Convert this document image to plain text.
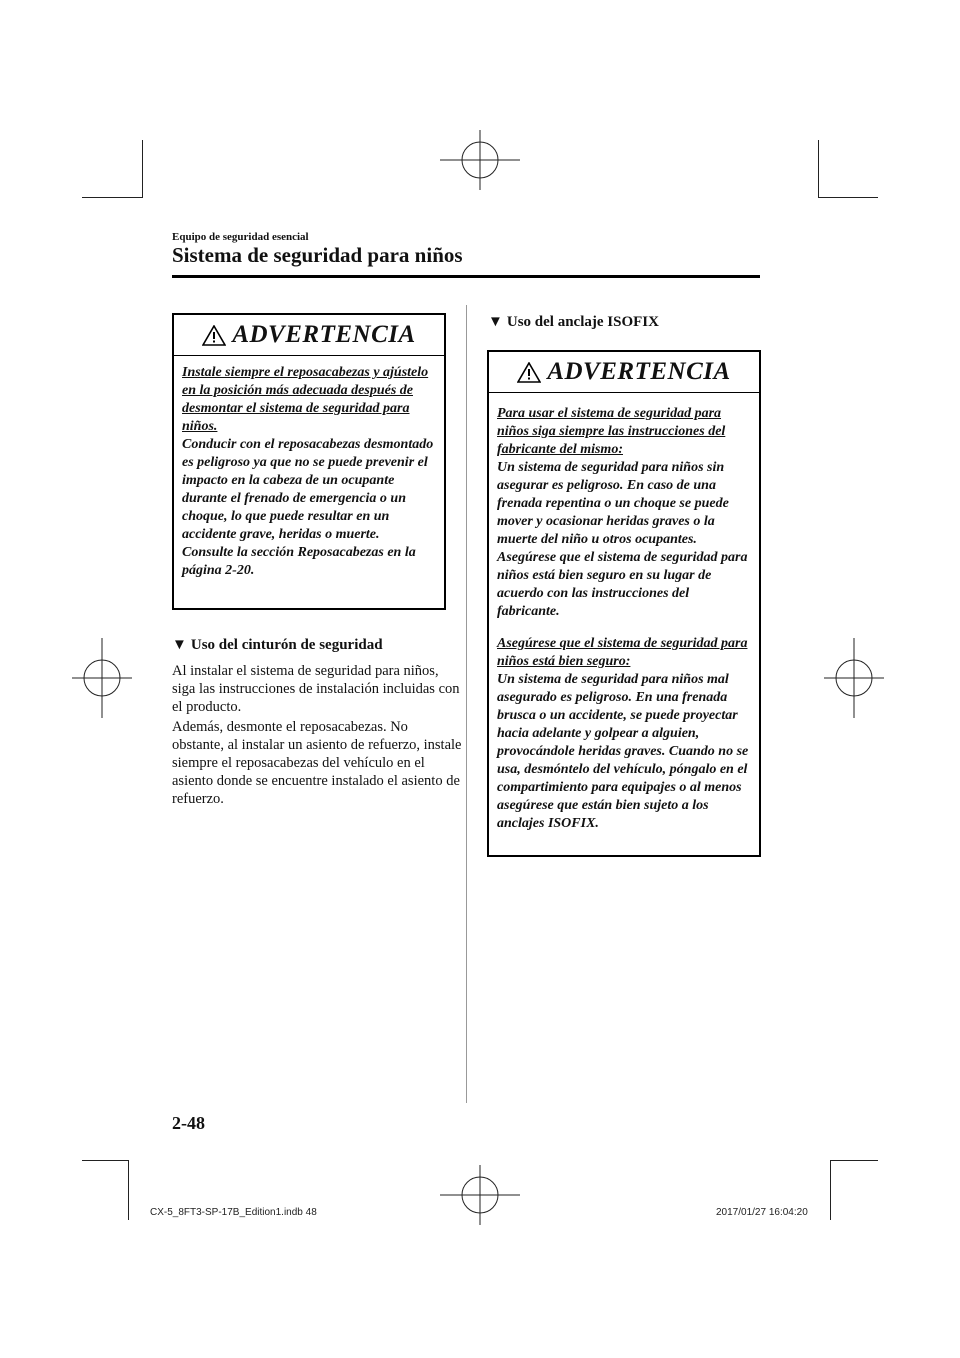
Equipo de seguridad esencial
Sistema de seguridad para niños
ADVERTENCIA

Instale siempre el reposacabezas y ajústelo en la posición más adecuada después de desmontar el sistema de seguridad para niños.

Conducir con el reposacabezas desmontado es peligroso ya que no se puede prevenir el impacto en la cabeza de un ocupante durante el frenado de emergencia o un choque, lo que puede resultar en un accidente grave, heridas o muerte.

Consulte la sección Reposacabezas en la página 2-20.

▼ Uso del cinturón de seguridad
Al instalar el sistema de seguridad para niños, siga las instrucciones de instalación incluidas con el producto.
Además, desmonte el reposacabezas. No obstante, al instalar un asiento de refuerzo, instale siempre el reposacabezas del vehículo en el asiento donde se encuentre instalado el asiento de refuerzo.
▼ Uso del anclaje ISOFIX
ADVERTENCIA

Para usar el sistema de seguridad para niños siga siempre las instrucciones del fabricante del mismo:

Un sistema de seguridad para niños sin asegurar es peligroso. En caso de una frenada repentina o un choque se puede mover y ocasionar heridas graves o la muerte del niño u otros ocupantes. Asegúrese que el sistema de seguridad para niños está bien seguro en su lugar de acuerdo con las instrucciones del fabricante.

Asegúrese que el sistema de seguridad para niños está bien seguro:

Un sistema de seguridad para niños mal asegurado es peligroso. En una frenada brusca o un accidente, se puede proyectar hacia adelante y golpear a alguien, provocándole heridas graves. Cuando no se usa, desmóntelo del vehículo, póngalo en el compartimiento para equipajes o al menos asegúrese que están bien sujeto a los anclajes ISOFIX.

2-48
CX-5_8FT3-SP-17B_Edition1.indb 48	2017/01/27 16:04:20
